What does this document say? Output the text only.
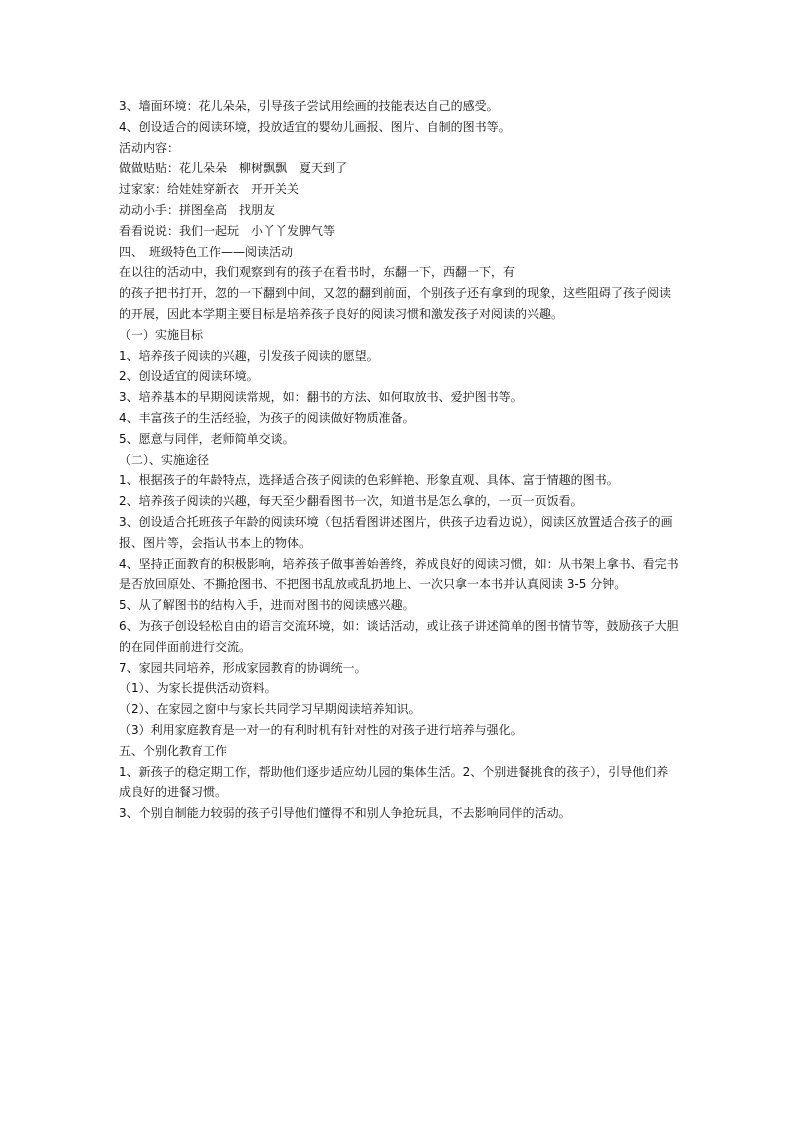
3、墙面环境：花儿朵朵，引导孩子尝试用绘画的技能表达自己的感受。
4、创设适合的阅读环境，投放适宜的婴幼儿画报、图片、自制的图书等。
活动内容：
做做贴贴：花儿朵朵　柳树飘飘　夏天到了
过家家：给娃娃穿新衣　开开关关
动动小手：拼图垒高　找朋友
看看说说：我们一起玩　小丫丫发脾气等
四、　班级特色工作——阅读活动
在以往的活动中，我们观察到有的孩子在看书时，东翻一下，西翻一下，有
的孩子把书打开，忽的一下翻到中间，又忽的翻到前面，个别孩子还有拿到的现象，这些阻碍了孩子阅读
的开展，因此本学期主要目标是培养孩子良好的阅读习惯和激发孩子对阅读的兴趣。
（一）实施目标
1、培养孩子阅读的兴趣，引发孩子阅读的愿望。
2、创设适宜的阅读环境。
3、培养基本的早期阅读常规，如：翻书的方法、如何取放书、爱护图书等。
4、丰富孩子的生活经验，为孩子的阅读做好物质准备。
5、愿意与同伴，老师简单交谈。
（二）、实施途径
1、根据孩子的年龄特点，选择适合孩子阅读的色彩鲜艳、形象直观、具体、富于情趣的图书。
2、培养孩子阅读的兴趣，每天至少翻看图书一次，知道书是怎么拿的，一页一页饭看。
3、创设适合托班孩子年龄的阅读环境（包括看图讲述图片，供孩子边看边说），阅读区放置适合孩子的画
报、图片等，会指认书本上的物体。
4、坚持正面教育的积极影响，培养孩子做事善始善终，养成良好的阅读习惯，如：从书架上拿书、看完书
是否放回原处、不撕抢图书、不把图书乱放或乱扔地上、一次只拿一本书并认真阅读 3-5 分钟。
5、从了解图书的结构入手，进而对图书的阅读感兴趣。
6、为孩子创设轻松自由的语言交流环境，如：谈话活动，或让孩子讲述简单的图书情节等，鼓励孩子大胆
的在同伴面前进行交流。
7、家园共同培养，形成家园教育的协调统一。
（1）、为家长提供活动资料。
（2）、在家园之窗中与家长共同学习早期阅读培养知识。
（3）利用家庭教育是一对一的有利时机有针对性的对孩子进行培养与强化。
五、个别化教育工作
1、新孩子的稳定期工作，帮助他们逐步适应幼儿园的集体生活。2、个别进餐挑食的孩子），引导他们养
成良好的进餐习惯。
3、个别自制能力较弱的孩子引导他们懂得不和别人争抢玩具，不去影响同伴的活动。
